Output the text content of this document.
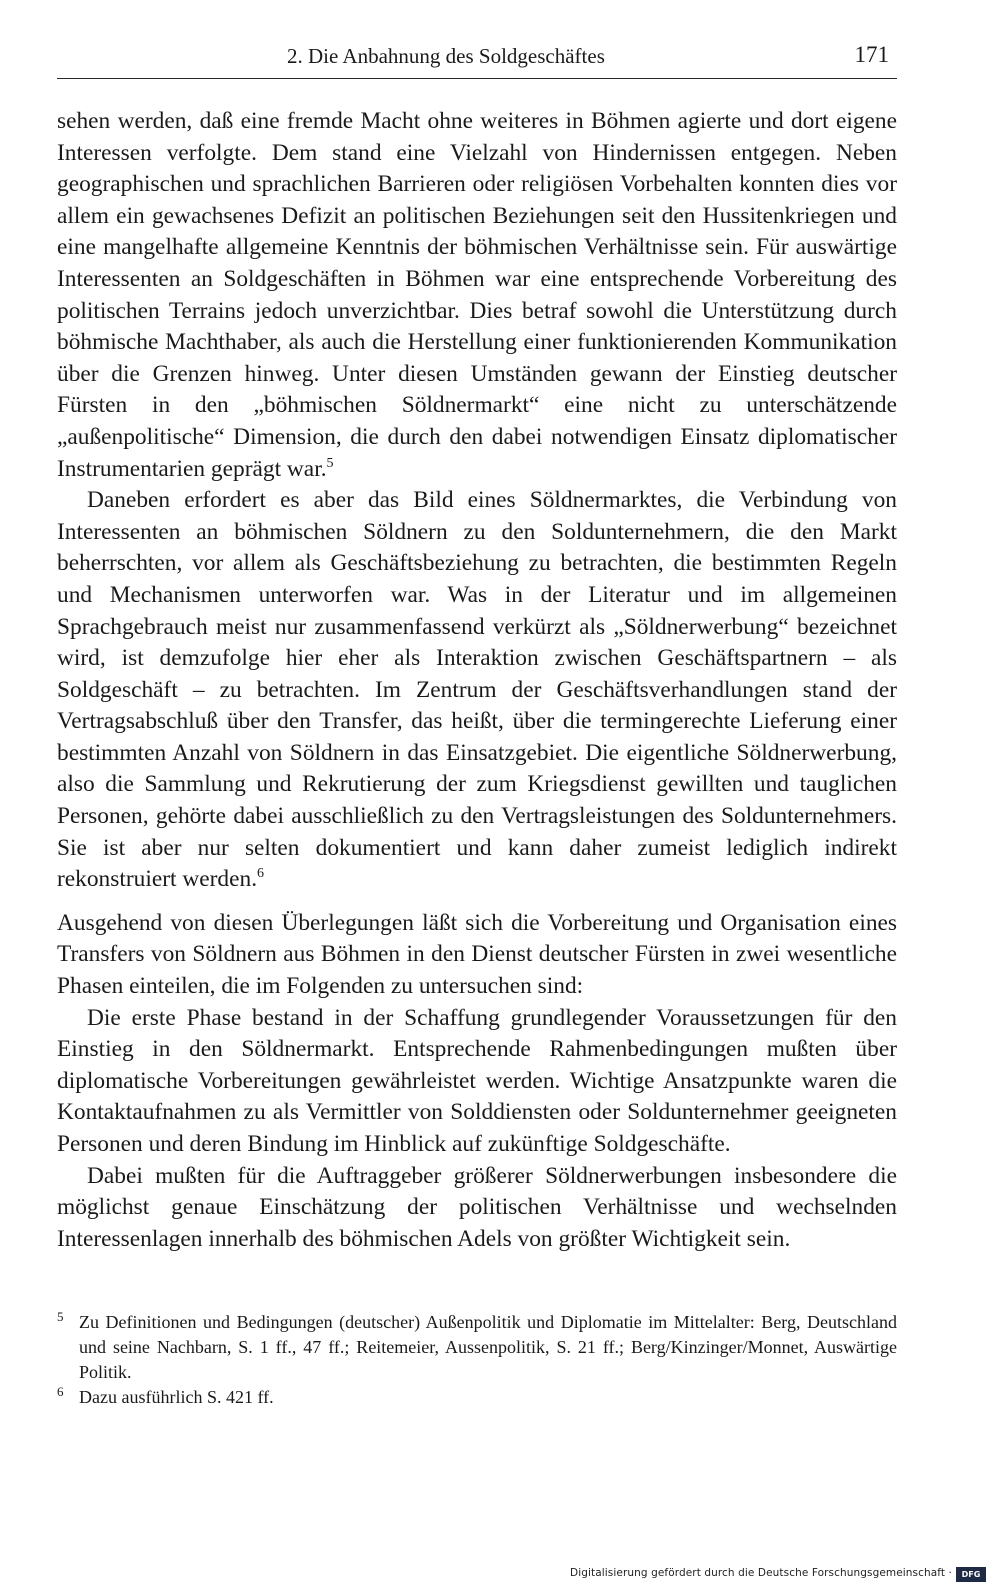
2. Die Anbahnung des Soldgeschäftes	171

sehen werden, daß eine fremde Macht ohne weiteres in Böhmen agierte und dort eigene Interessen verfolgte. Dem stand eine Vielzahl von Hindernissen entgegen. Neben geographischen und sprachlichen Barrieren oder religiösen Vorbehalten konnten dies vor allem ein gewachsenes Defizit an politischen Beziehungen seit den Hussitenkriegen und eine mangelhafte allgemeine Kenntnis der böhmischen Verhältnisse sein. Für auswärtige Interessenten an Soldgeschäften in Böhmen war eine entsprechende Vorbereitung des politischen Terrains jedoch unverzichtbar. Dies betraf sowohl die Unterstützung durch böhmische Machthaber, als auch die Herstellung einer funktionierenden Kommunikation über die Grenzen hinweg. Unter diesen Umständen gewann der Einstieg deutscher Fürsten in den „böhmischen Söldnermarkt“ eine nicht zu unterschätzende „außenpolitische“ Dimension, die durch den dabei notwendigen Einsatz diplomatischer Instrumentarien geprägt war.$^5$

Daneben erfordert es aber das Bild eines Söldnermarktes, die Verbindung von Interessenten an böhmischen Söldnern zu den Soldunternehmern, die den Markt beherrschten, vor allem als Geschäftsbeziehung zu betrachten, die bestimmten Regeln und Mechanismen unterworfen war. Was in der Literatur und im allgemeinen Sprachgebrauch meist nur zusammenfassend verkürzt als „Söldnerwerbung“ bezeichnet wird, ist demzufolge hier eher als Interaktion zwischen Geschäftspartnern – als Soldgeschäft – zu betrachten. Im Zentrum der Geschäftsverhandlungen stand der Vertragsabschluß über den Transfer, das heißt, über die termingerechte Lieferung einer bestimmten Anzahl von Söldnern in das Einsatzgebiet. Die eigentliche Söldnerwerbung, also die Sammlung und Rekrutierung der zum Kriegsdienst gewillten und tauglichen Personen, gehörte dabei ausschließlich zu den Vertragsleistungen des Soldunternehmers. Sie ist aber nur selten dokumentiert und kann daher zumeist lediglich indirekt rekonstruiert werden.$^6$

Ausgehend von diesen Überlegungen läßt sich die Vorbereitung und Organisation eines Transfers von Söldnern aus Böhmen in den Dienst deutscher Fürsten in zwei wesentliche Phasen einteilen, die im Folgenden zu untersuchen sind:

Die erste Phase bestand in der Schaffung grundlegender Voraussetzungen für den Einstieg in den Söldnermarkt. Entsprechende Rahmenbedingungen mußten über diplomatische Vorbereitungen gewährleistet werden. Wichtige Ansatzpunkte waren die Kontaktaufnahmen zu als Vermittler von Solddiensten oder Soldunternehmer geeigneten Personen und deren Bindung im Hinblick auf zukünftige Soldgeschäfte.

Dabei mußten für die Auftraggeber größerer Söldnerwerbungen insbesondere die möglichst genaue Einschätzung der politischen Verhältnisse und wechselnden Interessenlagen innerhalb des böhmischen Adels von größter Wichtigkeit sein.

5 Zu Definitionen und Bedingungen (deutscher) Außenpolitik und Diplomatie im Mittelalter: Berg, Deutschland und seine Nachbarn, S. 1 ff., 47 ff.; Reitemeier, Aussenpolitik, S. 21 ff.; Berg/Kinzinger/Monnet, Auswärtige Politik.

6 Dazu ausführlich S. 421 ff.

Digitalisierung gefördert durch die Deutsche Forschungsgemeinschaft ·	DFG
